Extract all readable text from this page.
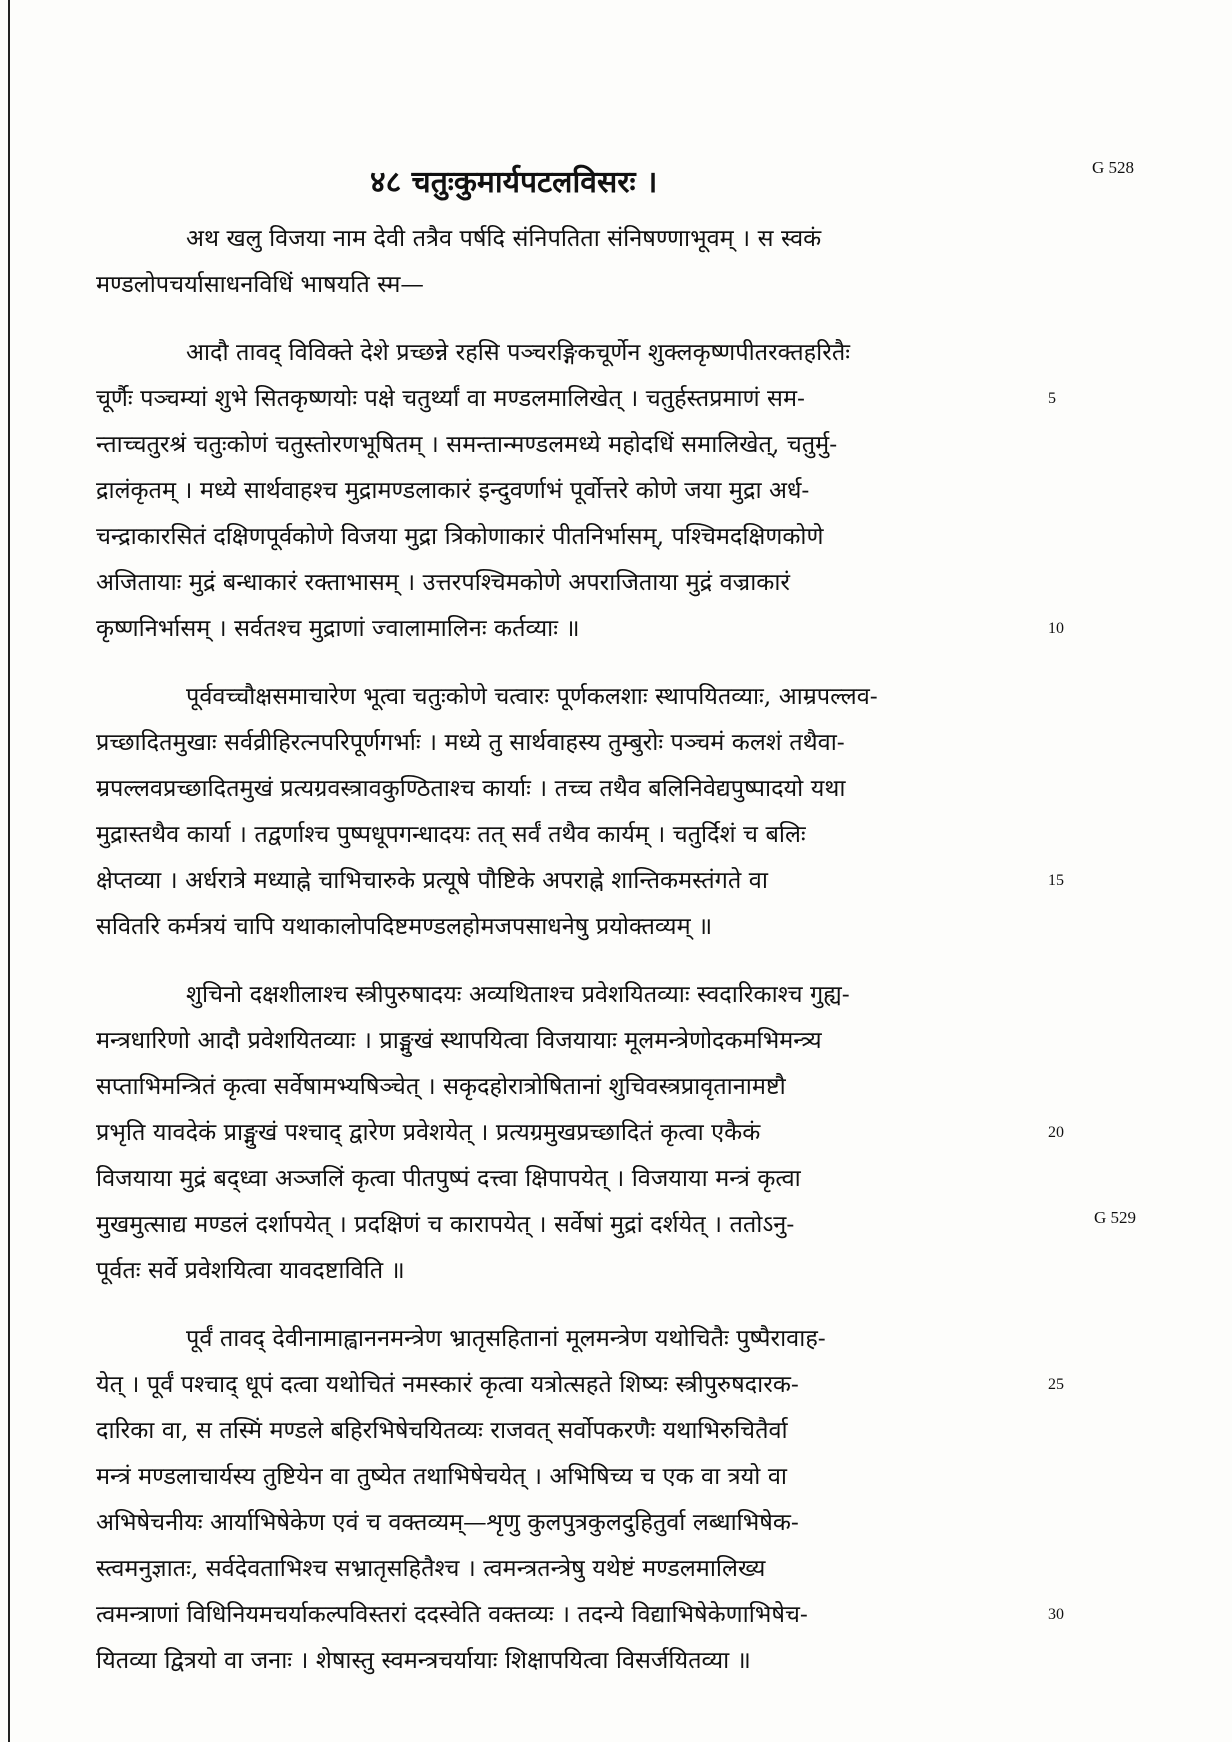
४८ चतुःकुमार्यपटलविसरः ।	G 528
G 529
अथ खलु विजया नाम देवी तत्रैव पर्षदि संनिपतिता संनिषण्णाभूवम् । स स्वकं
मण्डलोपचर्यासाधनविधिं भाषयति स्म—
आदौ तावद् विविक्ते देशे प्रच्छन्ने रहसि पञ्चरङ्गिकचूर्णेन शुक्लकृष्णपीतरक्तहरितैः
चूर्णैः पञ्चम्यां शुभे सितकृष्णयोः पक्षे चतुर्थ्यां वा मण्डलमालिखेत् । चतुर्हस्तप्रमाणं सम-
न्ताच्चतुरश्रं चतुःकोणं चतुस्तोरणभूषितम् । समन्तान्मण्डलमध्ये महोदधिं समालिखेत्, चतुर्मु-
द्रालंकृतम् । मध्ये सार्थवाहश्च मुद्रामण्डलाकारं इन्दुवर्णाभं पूर्वोत्तरे कोणे जया मुद्रा अर्ध-
चन्द्राकारसितं दक्षिणपूर्वकोणे विजया मुद्रा त्रिकोणाकारं पीतनिर्भासम्, पश्चिमदक्षिणकोणे
अजितायाः मुद्रं बन्धाकारं रक्ताभासम् । उत्तरपश्चिमकोणे अपराजिताया मुद्रं वज्राकारं
कृष्णनिर्भासम् । सर्वतश्च मुद्राणां ज्वालामालिनः कर्तव्याः ॥
पूर्ववच्चौक्षसमाचारेण भूत्वा चतुःकोणे चत्वारः पूर्णकलशाः स्थापयितव्याः, आम्रपल्लव-
प्रच्छादितमुखाः सर्वव्रीहिरत्नपरिपूर्णगर्भाः । मध्ये तु सार्थवाहस्य तुम्बुरोः पञ्चमं कलशं तथैवा-
म्रपल्लवप्रच्छादितमुखं प्रत्यग्रवस्त्रावकुण्ठिताश्च कार्याः । तच्च तथैव बलिनिवेद्यपुष्पादयो यथा
मुद्रास्तथैव कार्या । तद्वर्णाश्च पुष्पधूपगन्धादयः तत् सर्वं तथैव कार्यम् । चतुर्दिशं च बलिः
क्षेप्तव्या । अर्धरात्रे मध्याह्ने चाभिचारुके प्रत्यूषे पौष्टिके अपराह्ने शान्तिकमस्तंगते वा
सवितरि कर्मत्रयं चापि यथाकालोपदिष्टमण्डलहोमजपसाधनेषु प्रयोक्तव्यम् ॥
शुचिनो दक्षशीलाश्च स्त्रीपुरुषादयः अव्यथिताश्च प्रवेशयितव्याः स्वदारिकाश्च गुह्य-
मन्त्रधारिणो आदौ प्रवेशयितव्याः । प्राङ्मुखं स्थापयित्वा विजयायाः मूलमन्त्रेणोदकमभिमन्त्र्य
सप्ताभिमन्त्रितं कृत्वा सर्वेषामभ्यषिञ्चेत् । सकृदहोरात्रोषितानां शुचिवस्त्रप्रावृतानामष्टौ
प्रभृति यावदेकं प्राङ्मुखं पश्चाद् द्वारेण प्रवेशयेत् । प्रत्यग्रमुखप्रच्छादितं कृत्वा एकैकं
विजयाया मुद्रं बद्ध्वा अञ्जलिं कृत्वा पीतपुष्पं दत्त्वा क्षिपापयेत् । विजयाया मन्त्रं कृत्वा
मुखमुत्साद्य मण्डलं दर्शापयेत् । प्रदक्षिणं च कारापयेत् । सर्वेषां मुद्रां दर्शयेत् । ततोऽनु-
पूर्वतः सर्वे प्रवेशयित्वा यावदष्टाविति ॥
पूर्वं तावद् देवीनामाह्वाननमन्त्रेण भ्रातृसहितानां मूलमन्त्रेण यथोचितैः पुष्पैरावाह-
येत् । पूर्वं पश्चाद् धूपं दत्वा यथोचितं नमस्कारं कृत्वा यत्रोत्सहते शिष्यः स्त्रीपुरुषदारक-
दारिका वा, स तस्मिं मण्डले बहिरभिषेचयितव्यः राजवत् सर्वोपकरणैः यथाभिरुचितैर्वा
मन्त्रं मण्डलाचार्यस्य तुष्टियेन वा तुष्येत तथाभिषेचयेत् । अभिषिच्य च एक वा त्रयो वा
अभिषेचनीयः आर्याभिषेकेण एवं च वक्तव्यम्—शृणु कुलपुत्रकुलदुहितुर्वा लब्धाभिषेक-
स्त्वमनुज्ञातः, सर्वदेवताभिश्च सभ्रातृसहितैश्च । त्वमन्त्रतन्त्रेषु यथेष्टं मण्डलमालिख्य
त्वमन्त्राणां विधिनियमचर्याकल्पविस्तरां ददस्वेति वक्तव्यः । तदन्ये विद्याभिषेकेणाभिषेच-
यितव्या द्वित्रयो वा जनाः । शेषास्तु स्वमन्त्रचर्यायाः शिक्षापयित्वा विसर्जयितव्या ॥
5
10
15
20
25
30
